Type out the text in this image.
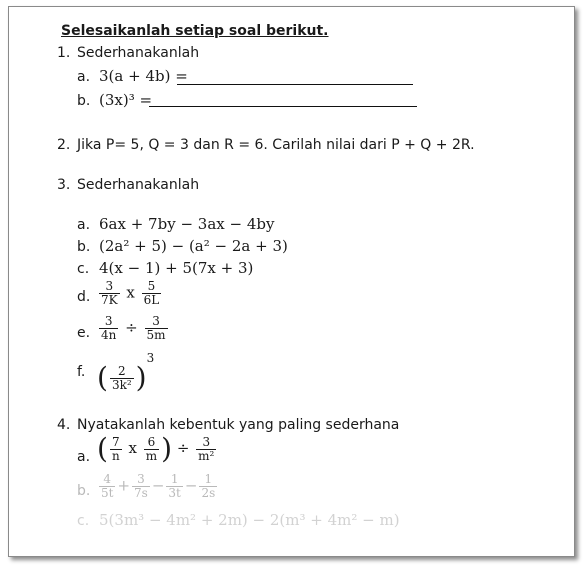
Selesaikanlah setiap soal berikut.
1. Sederhanakanlah
a. 3(a + 4b) =
b. (3x)³ =
2. Jika P= 5, Q = 3 dan R = 6. Carilah nilai dari P + Q + 2R.
3. Sederhanakanlah
a. 6ax + 7by − 3ax − 4by
b. (2a² + 5) − (a² − 2a + 3)
c. 4(x − 1) + 5(7x + 3)
d. $\frac{3}{7K}$ x $\frac{5}{6L}$
e. $\frac{3}{4n} \div \frac{3}{5m}$
f. ( $\frac{2}{\text{3k²}} )^3$
4. Nyatakanlah kebentuk yang paling sederhana
a. ( $\frac{7}{n}$ x $\frac{6}{m}$ ) ÷ $\frac{3}{\text{m²}}$
b. $\frac{4}{5t} + \frac{3}{7s} - \frac{1}{3t} - \frac{1}{2s}$
c. 5(3m³ − 4m² + 2m) − 2(m³ + 4m² − m)
